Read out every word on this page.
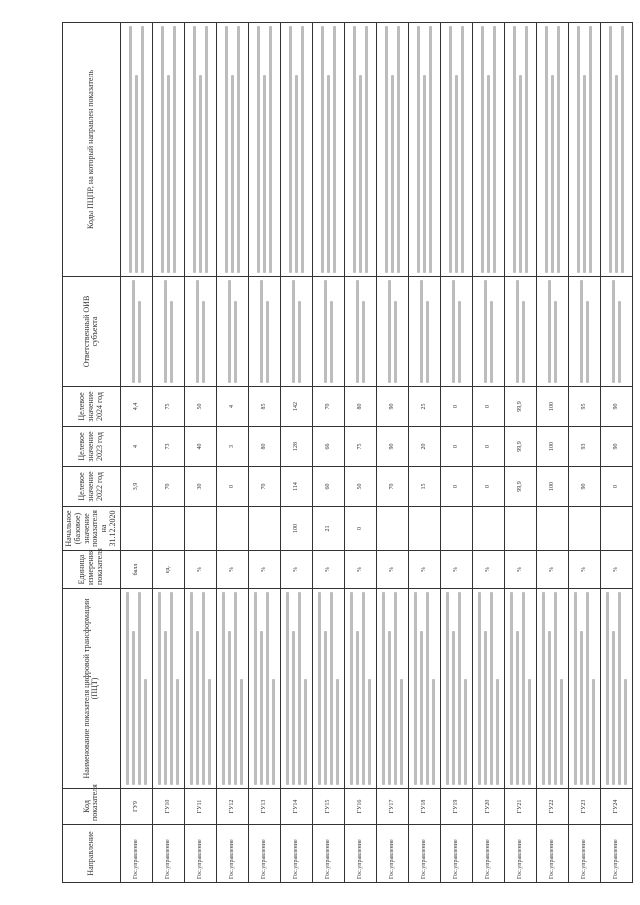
Направление	Код показателя	Наименование показателя цифровой трансформации (ПЦТ)	Единица измерения показателя	Начальное (базовое) значение показателя на 31.12.2020	Целевое значение 2022 год	Целевое значение 2023 год	Целевое значение 2024 год	Ответственный ОИВ субъекта	Коды ПЦПР, на который направлен показатель
Гос.управление	ГУ9		балл		3,9	4	4,4	

Гос.управление	ГУ10		ед.		70	73	75	

Гос.управление	ГУ11		%		30	40	50	

Гос.управление	ГУ12		%		0	3	4	

Гос.управление	ГУ13		%		70	80	85	

Гос.управление	ГУ14		%	100	114	128	142	

Гос.управление	ГУ15		%	21	60	66	70	

Гос.управление	ГУ16		%	0	50	75	80	

Гос.управление	ГУ17		%		70	90	90	

Гос.управление	ГУ18		%		15	20	25	

Гос.управление	ГУ19		%		0	0	0	

Гос.управление	ГУ20		%		0	0	0	

Гос.управление	ГУ21		%		99,9	99,9	99,9	

Гос.управление	ГУ22		%		100	100	100	

Гос.управление	ГУ23		%		90	93	95	

Гос.управление	ГУ24		%		0	90	90	
